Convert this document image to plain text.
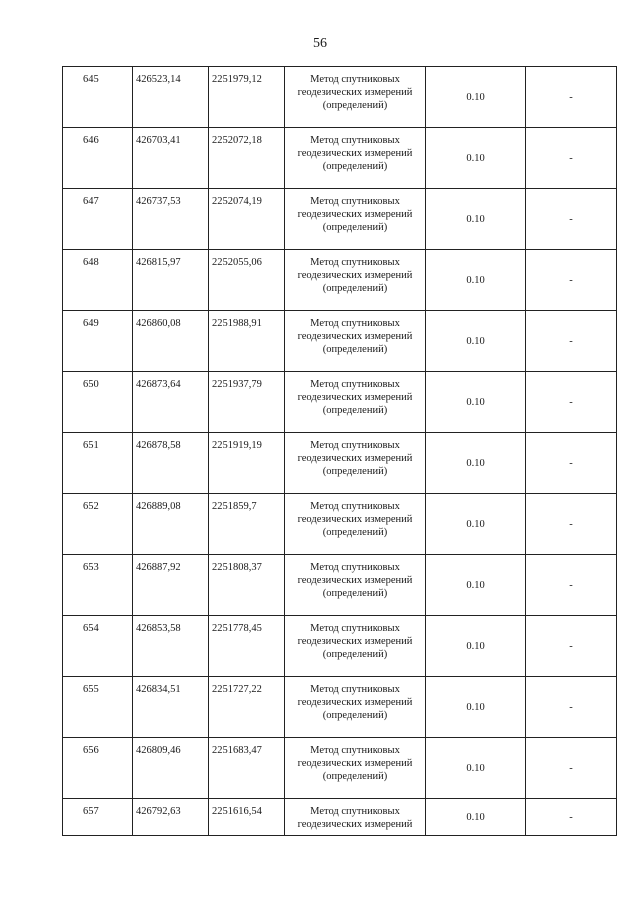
56
645	426523,14	2251979,12	Метод спутниковых
геодезических измерений
(определений)	0.10	-
646	426703,41	2252072,18	Метод спутниковых
геодезических измерений
(определений)	0.10	-
647	426737,53	2252074,19	Метод спутниковых
геодезических измерений
(определений)	0.10	-
648	426815,97	2252055,06	Метод спутниковых
геодезических измерений
(определений)	0.10	-
649	426860,08	2251988,91	Метод спутниковых
геодезических измерений
(определений)	0.10	-
650	426873,64	2251937,79	Метод спутниковых
геодезических измерений
(определений)	0.10	-
651	426878,58	2251919,19	Метод спутниковых
геодезических измерений
(определений)	0.10	-
652	426889,08	2251859,7	Метод спутниковых
геодезических измерений
(определений)	0.10	-
653	426887,92	2251808,37	Метод спутниковых
геодезических измерений
(определений)	0.10	-
654	426853,58	2251778,45	Метод спутниковых
геодезических измерений
(определений)	0.10	-
655	426834,51	2251727,22	Метод спутниковых
геодезических измерений
(определений)	0.10	-
656	426809,46	2251683,47	Метод спутниковых
геодезических измерений
(определений)	0.10	-
657	426792,63	2251616,54	Метод спутниковых
геодезических измерений	0.10	-
